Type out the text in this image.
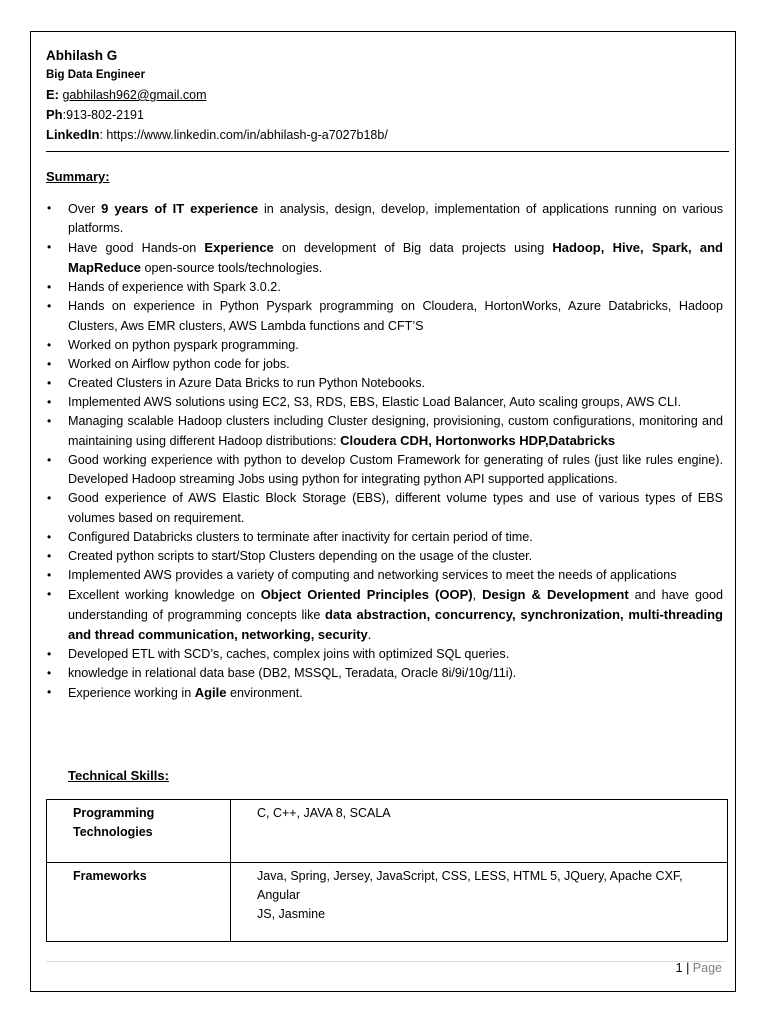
Abhilash G
Big Data Engineer
E: gabhilash962@gmail.com
Ph:913-802-2191
LinkedIn: https://www.linkedin.com/in/abhilash-g-a7027b18b/
Summary:
• Over 9 years of IT experience in analysis, design, develop, implementation of applications running on various platforms.
• Have good Hands-on Experience on development of Big data projects using Hadoop, Hive, Spark, and MapReduce open-source tools/technologies.
• Hands of experience with Spark 3.0.2.
• Hands on experience in Python Pyspark programming on Cloudera, HortonWorks, Azure Databricks, Hadoop Clusters, Aws EMR clusters, AWS Lambda functions and CFT’S
• Worked on python pyspark programming.
• Worked on Airflow python code for jobs.
• Created Clusters in Azure Data Bricks to run Python Notebooks.
• Implemented AWS solutions using EC2, S3, RDS, EBS, Elastic Load Balancer, Auto scaling groups, AWS CLI.
• Managing scalable Hadoop clusters including Cluster designing, provisioning, custom configurations, monitoring and maintaining using different Hadoop distributions: Cloudera CDH, Hortonworks HDP,Databricks
• Good working experience with python to develop Custom Framework for generating of rules (just like rules engine). Developed Hadoop streaming Jobs using python for integrating python API supported applications.
• Good experience of AWS Elastic Block Storage (EBS), different volume types and use of various types of EBS volumes based on requirement.
• Configured Databricks clusters to terminate after inactivity for certain period of time.
• Created python scripts to start/Stop Clusters depending on the usage of the cluster.
• Implemented AWS provides a variety of computing and networking services to meet the needs of applications
• Excellent working knowledge on Object Oriented Principles (OOP), Design & Development and have good understanding of programming concepts like data abstraction, concurrency, synchronization, multi-threading and thread communication, networking, security.
• Developed ETL with SCD’s, caches, complex joins with optimized SQL queries.
• knowledge in relational data base (DB2, MSSQL, Teradata, Oracle 8i/9i/10g/11i).
• Experience working in Agile environment.
Technical Skills:
Programming Technologies	C, C++, JAVA 8, SCALA
Frameworks	Java, Spring, Jersey, JavaScript, CSS, LESS, HTML 5, JQuery, Apache CXF, Angular
JS, Jasmine
1 | Page
